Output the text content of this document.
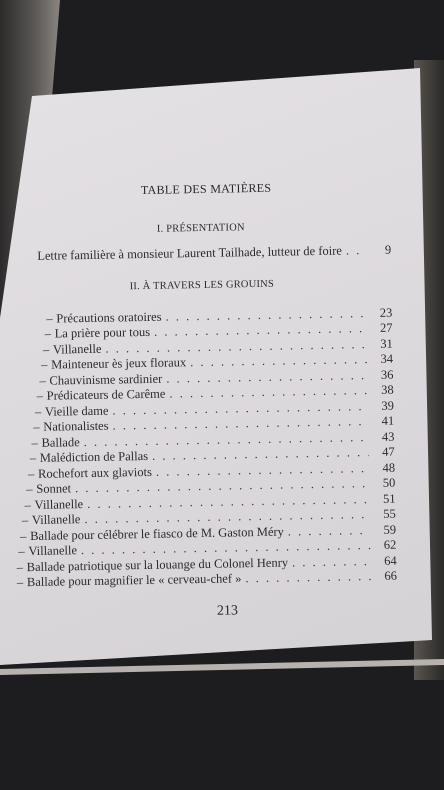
TABLE DES MATIÈRES
I. PRÉSENTATION
Lettre familière à monsieur Laurent Tailhade, lutteur de foire . . .	9
II. À TRAVERS LES GROUINS
– Précautions oratoires . . .	23
– La prière pour tous . . .	27
– Villanelle . . .	31
– Mainteneur ès jeux floraux . . .	34
– Chauvinisme sardinier . . .	36
– Prédicateurs de Carême . . .	38
– Vieille dame . . .	39
– Nationalistes . . .	41
– Ballade . . .	43
– Malédiction de Pallas . . .	47
– Rochefort aux glaviots . . .	48
– Sonnet . . .	50
– Villanelle . . .	51
– Villanelle . . .	55
– Ballade pour célébrer le fiasco de M. Gaston Méry . . .	59
– Villanelle . . .	62
– Ballade patriotique sur la louange du Colonel Henry . . .	64
– Ballade pour magnifier le « cerveau-chef » . . .	66
213
